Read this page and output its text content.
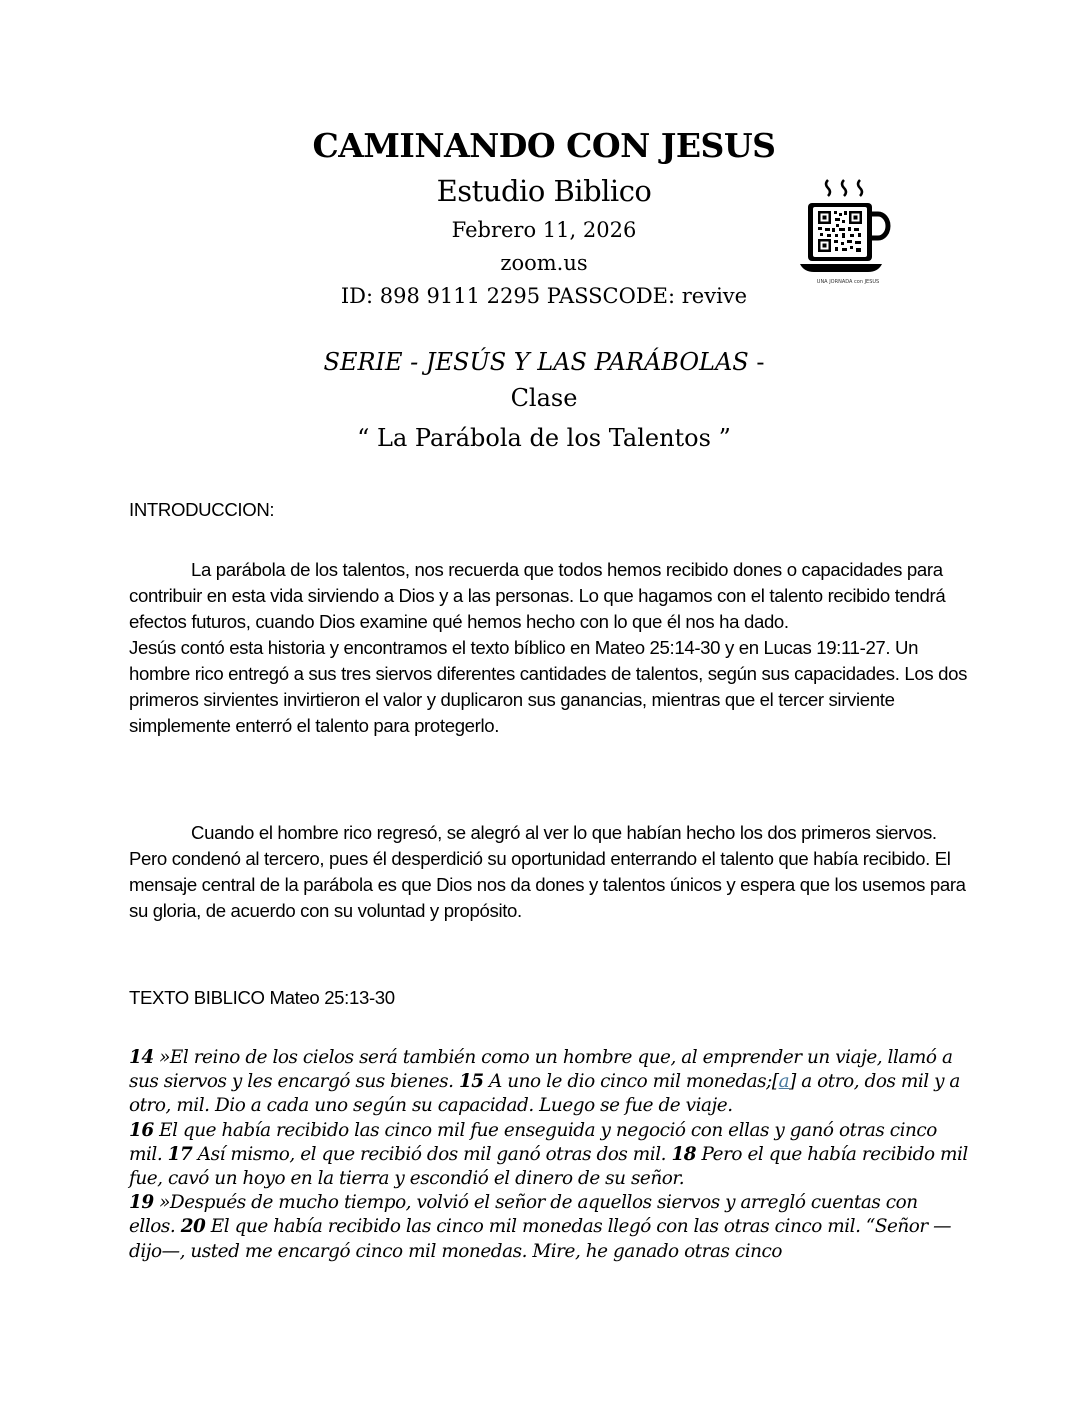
CAMINANDO CON JESUS
Estudio Biblico
Febrero 11, 2026
zoom.us
ID: 898 9111 2295 PASSCODE: revive
UNA JORNADA con JESUS
SERIE - JESÚS Y LAS PARÁBOLAS -
Clase
“ La Parábola de los Talentos ”
INTRODUCCION:

La parábola de los talentos, nos recuerda que todos hemos recibido dones o capacidades para contribuir en esta vida sirviendo a Dios y a las personas. Lo que hagamos con el talento recibido tendrá efectos futuros, cuando Dios examine qué hemos hecho con lo que él nos ha dado.

Jesús contó esta historia y encontramos el texto bíblico en Mateo 25:14-30 y en Lucas 19:11-27. Un hombre rico entregó a sus tres siervos diferentes cantidades de talentos, según sus capacidades. Los dos primeros sirvientes invirtieron el valor y duplicaron sus ganancias, mientras que el tercer sirviente simplemente enterró el talento para protegerlo.

Cuando el hombre rico regresó, se alegró al ver lo que habían hecho los dos primeros siervos. Pero condenó al tercero, pues él desperdició su oportunidad enterrando el talento que había recibido. El mensaje central de la parábola es que Dios nos da dones y talentos únicos y espera que los usemos para su gloria, de acuerdo con su voluntad y propósito.

TEXTO BIBLICO Mateo 25:13-30
14 »El reino de los cielos será también como un hombre que, al emprender un viaje, llamó a sus siervos y les encargó sus bienes. 15 A uno le dio cinco mil monedas;[a] a otro, dos mil y a otro, mil. Dio a cada uno según su capacidad. Luego se fue de viaje.
16 El que había recibido las cinco mil fue enseguida y negoció con ellas y ganó otras cinco mil. 17 Así mismo, el que recibió dos mil ganó otras dos mil. 18 Pero el que había recibido mil fue, cavó un hoyo en la tierra y escondió el dinero de su señor.
19 »Después de mucho tiempo, volvió el señor de aquellos siervos y arregló cuentas con ellos. 20 El que había recibido las cinco mil monedas llegó con las otras cinco mil. “Señor —dijo—, usted me encargó cinco mil monedas. Mire, he ganado otras cinco
